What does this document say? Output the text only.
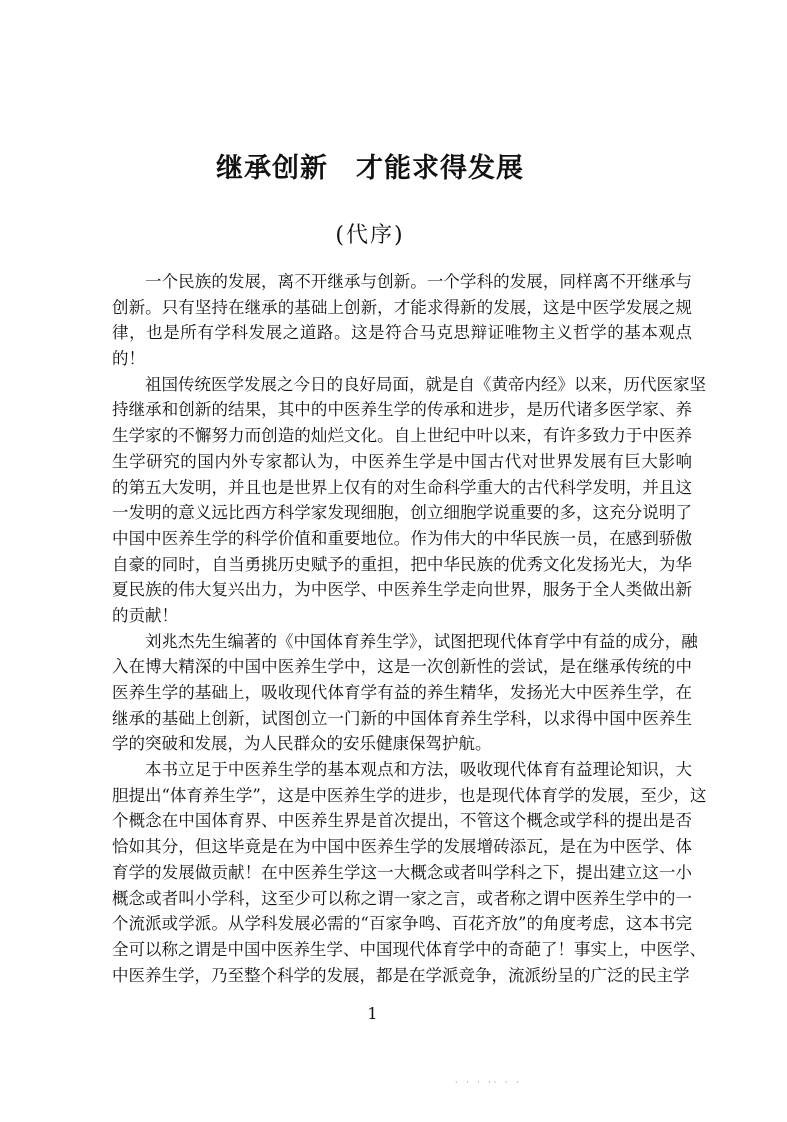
继承创新　才能求得发展
(代序)
一个民族的发展，离不开继承与创新。一个学科的发展，同样离不开继承与
创新。只有坚持在继承的基础上创新，才能求得新的发展，这是中医学发展之规
律，也是所有学科发展之道路。这是符合马克思辩证唯物主义哲学的基本观点
的！
祖国传统医学发展之今日的良好局面，就是自《黄帝内经》以来，历代医家坚
持继承和创新的结果，其中的中医养生学的传承和进步，是历代诸多医学家、养
生学家的不懈努力而创造的灿烂文化。自上世纪中叶以来，有许多致力于中医养
生学研究的国内外专家都认为，中医养生学是中国古代对世界发展有巨大影响
的第五大发明，并且也是世界上仅有的对生命科学重大的古代科学发明，并且这
一发明的意义远比西方科学家发现细胞，创立细胞学说重要的多，这充分说明了
中国中医养生学的科学价值和重要地位。作为伟大的中华民族一员，在感到骄傲
自豪的同时，自当勇挑历史赋予的重担，把中华民族的优秀文化发扬光大，为华
夏民族的伟大复兴出力，为中医学、中医养生学走向世界，服务于全人类做出新
的贡献！
刘兆杰先生编著的《中国体育养生学》，试图把现代体育学中有益的成分，融
入在博大精深的中国中医养生学中，这是一次创新性的尝试，是在继承传统的中
医养生学的基础上，吸收现代体育学有益的养生精华，发扬光大中医养生学，在
继承的基础上创新，试图创立一门新的中国体育养生学科，以求得中国中医养生
学的突破和发展，为人民群众的安乐健康保驾护航。
本书立足于中医养生学的基本观点和方法，吸收现代体育有益理论知识，大
胆提出“体育养生学”，这是中医养生学的进步，也是现代体育学的发展，至少，这
个概念在中国体育界、中医养生界是首次提出，不管这个概念或学科的提出是否
恰如其分，但这毕竟是在为中国中医养生学的发展增砖添瓦，是在为中医学、体
育学的发展做贡献！在中医养生学这一大概念或者叫学科之下，提出建立这一小
概念或者叫小学科，这至少可以称之谓一家之言，或者称之谓中医养生学中的一
个流派或学派。从学科发展必需的“百家争鸣、百花齐放”的角度考虑，这本书完
全可以称之谓是中国中医养生学、中国现代体育学中的奇葩了！事实上，中医学、
中医养生学，乃至整个科学的发展，都是在学派竞争，流派纷呈的广泛的民主学
1
· · · ·· · ·
